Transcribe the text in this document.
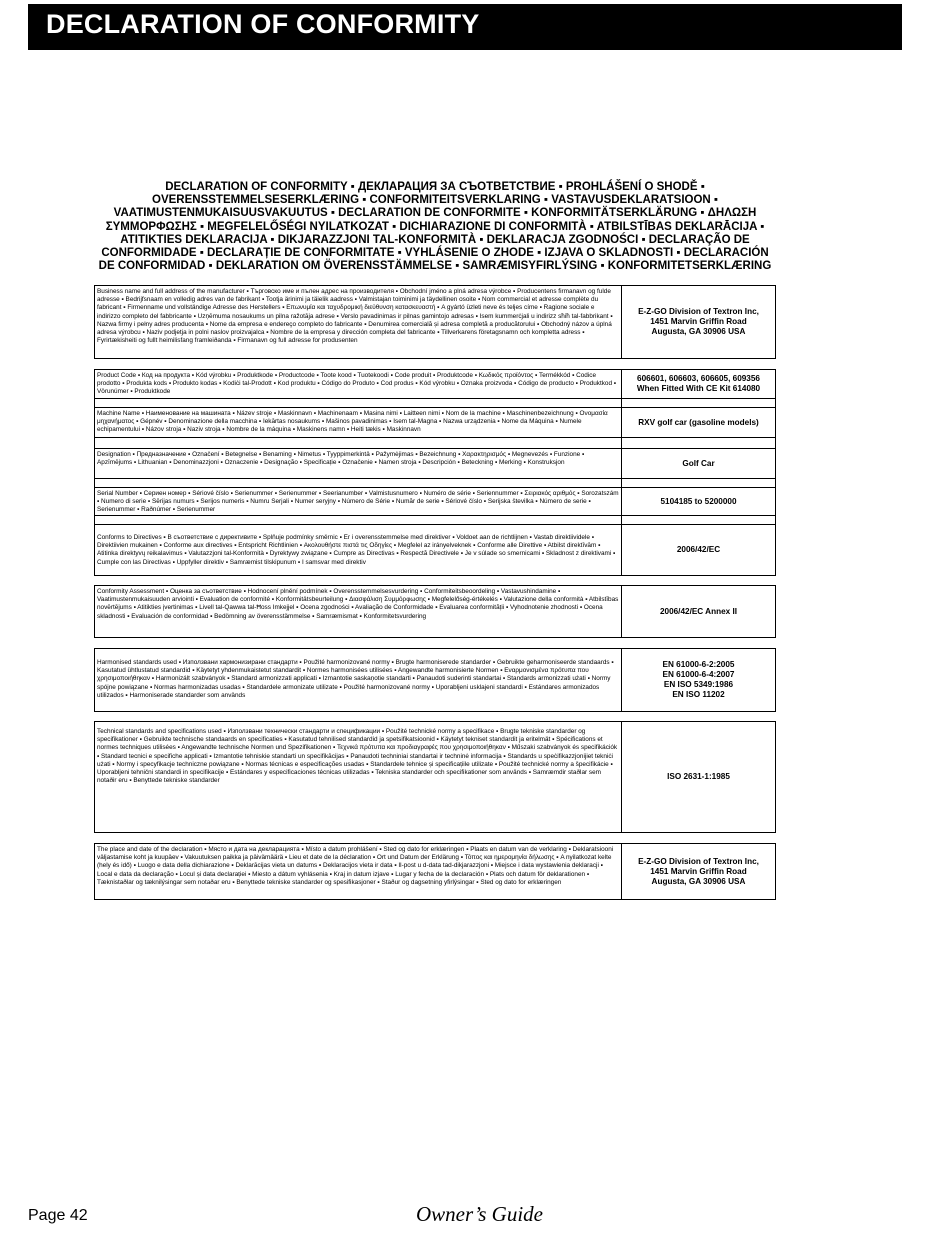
DECLARATION OF CONFORMITY
DECLARATION OF CONFORMITY ▪ ДЕКЛАРАЦИЯ ЗА СЪОТВЕТСТВИЕ ▪ PROHLÁŠENÍ O SHODĚ ▪ OVERENSSTEMMELSESERKLÆRING ▪ CONFORMITEITSVERKLARING ▪ VASTAVUSDEKLARATSIOON ▪ VAATIMUSTENMUKAISUUSVAKUUTUS ▪ DECLARATION DE CONFORMITE ▪ KONFORMITÄTSERKLÄRUNG ▪ ΔΗΛΩΣΗ ΣΥΜΜΟΡΦΩΣΗΣ ▪ MEGFELELŐSÉGI NYILATKOZAT ▪ DICHIARAZIONE DI CONFORMITÀ ▪ ATBILSTĪBAS DEKLARĀCIJA ▪ ATITIKTIES DEKLARACIJA ▪ DIKJARAZZJONI TAL-KONFORMITÀ ▪ DEKLARACJA ZGODNOŚCI ▪ DECLARAÇÃO DE CONFORMIDADE ▪ DECLARAȚIE DE CONFORMITATE ▪ VYHLÁSENIE O ZHODE ▪ IZJAVA O SKLADNOSTI ▪ DECLARACIÓN DE CONFORMIDAD ▪ DEKLARATION OM ÖVERENSSTÄMMELSE ▪ SAMRÆMISYFIRLÝSING ▪ KONFORMITETSERKLÆRING
Business name and full address of the manufacturer ▪ Търговско име и пълен адрес на производителя ▪ Obchodní jméno a plná adresa výrobce ▪ Producentens firmanavn og fulde adresse ▪ Bedrijfsnaam en volledig adres van de fabrikant ▪ Tootja ärinimi ja täielik aadress ▪ Valmistajan toiminimi ja täydellinen osoite ▪ Nom commercial et adresse complète du fabricant ▪ Firmenname und vollständige Adresse des Herstellers ▪ Επωνυμία και ταχυδρομική διεύθυνση κατασκευαστή ▪ A gyártó üzleti neve és teljes címe ▪ Ragione sociale e indirizzo completo del fabbricante ▪ Uzņēmuma nosaukums un pilna ražotāja adrese ▪ Verslo pavadinimas ir pilnas gamintojo adresas ▪ Isem kummerċjali u indirizz sħiħ tal-fabbrikant ▪ Nazwa firmy i pełny adres producenta ▪ Nome da empresa e endereço completo do fabricante ▪ Denumirea comercială și adresa completă a producătorului ▪ Obchodný názov a úplná adresa výrobcu ▪ Naziv podjetja in polni naslov proizvajalca ▪ Nombre de la empresa y dirección completa del fabricante ▪ Tillverkarens företagsnamn och kompletta adress ▪ Fyrirtækisheiti og fullt heimilisfang framleiðanda ▪ Firmanavn og full adresse for produsenten
E-Z-GO Division of Textron Inc,
1451 Marvin Griffin Road
Augusta, GA 30906 USA
Product Code ▪ Код на продукта ▪ Kód výrobku ▪ Produktkode ▪ Productcode ▪ Toote kood ▪ Tuotekoodi ▪ Code produit ▪ Produktcode ▪ Κωδικός προϊόντος ▪ Termékkód ▪ Codice prodotto ▪ Produkta kods ▪ Produkto kodas ▪ Kodiċi tal-Prodott ▪ Kod produktu ▪ Código do Produto ▪ Cod produs ▪ Kód výrobku ▪ Oznaka proizvoda ▪ Código de producto ▪ Produktkod ▪ Vörunúmer ▪ Produktkode
606601, 606603, 606605, 609356
When Fitted With CE Kit 614080
Machine Name ▪ Наименование на машината ▪ Název stroje ▪ Maskinnavn ▪ Machinenaam ▪ Masina nimi ▪ Laitteen nimi ▪ Nom de la machine ▪ Maschinenbezeichnung ▪ Ονομασία μηχανήματος ▪ Gépnév ▪ Denominazione della macchina ▪ Iekārtas nosaukums ▪ Mašinos pavadinimas ▪ Isem tal-Magna ▪ Nazwa urządzenia ▪ Nome da Máquina ▪ Numele echipamentului ▪ Názov stroja ▪ Naziv stroja ▪ Nombre de la máquina ▪ Maskinens namn ▪ Heiti tækis ▪ Maskinnavn
RXV golf car (gasoline models)
Designation ▪ Предназначение ▪ Označení ▪ Betegnelse ▪ Benaming ▪ Nimetus ▪ Tyyppimerkintä ▪ Pažymėjimas ▪ Bezeichnung ▪ Χαρακτηρισμός ▪ Megnevezés ▪ Funzione ▪ Apzīmējums ▪ Lithuanian ▪ Denominazzjoni ▪ Oznaczenie ▪ Designação ▪ Specificație ▪ Označenie ▪ Namen stroja ▪ Descripción ▪ Beteckning ▪ Merking ▪ Konstruksjon	Golf Car
Serial Number ▪ Сериен номер ▪ Sériové číslo ▪ Serienummer ▪ Serienummer ▪ Seerianumber ▪ Valmistusnumero ▪ Numéro de série ▪ Seriennummer ▪ Σειριακός αριθμός ▪ Sorozatszám ▪ Numero di serie ▪ Sērijas numurs ▪ Serijos numeris ▪ Numru Serjali ▪ Numer seryjny ▪ Número de Série ▪ Număr de serie ▪ Sériové číslo ▪ Serijska številka ▪ Número de serie ▪ Serienummer ▪ Raðnúmer ▪ Serienummer
5104185 to 5200000
Conforms to Directives ▪ В съответствие с директивите ▪ Splňuje podmínky směrnic ▪ Er i overensstemmelse med direktiver ▪ Voldoet aan de richtlijnen ▪ Vastab direktiividele ▪ Direktiivien mukainen ▪ Conforme aux directives ▪ Entspricht Richtlinien ▪ Ακολουθήστε πιστά τις Οδηγίες ▪ Megfelel az irányelveknek ▪ Conforme alle Direttive ▪ Atbilst direktīvām ▪ Atitinka direktyvų reikalavimus ▪ Valutazzjoni tal-Konformità ▪ Dyrektywy związane ▪ Cumpre as Directivas ▪ Respectă Directivele ▪ Je v súlade so smernicami ▪ Skladnost z direktivami ▪ Cumple con las Directivas ▪ Uppfyller direktiv ▪ Samræmist tilskipunum ▪ I samsvar med direktiv
2006/42/EC
Conformity Assessment ▪ Оценка за съответствие ▪ Hodnocení plnění podmínek ▪ Overensstemmelsesvurdering ▪ Conformiteitsbeoordeling ▪ Vastavushindamine ▪ Vaatimustenmukaisuuden arviointi ▪ Evaluation de conformité ▪ Konformitätsbeurteilung ▪ Διασφάλιση Συμμόρφωσης ▪ Megfelelőség-értékelés ▪ Valutazione della conformità ▪ Atbilstības novērtējums ▪ Atitikties įvertinimas ▪ Livell tal-Qawwa tal-Ħoss Imkejjel ▪ Ocena zgodności ▪ Avaliação de Conformidade ▪ Evaluarea conformității ▪ Vyhodnotenie zhodnosti ▪ Ocena skladnosti ▪ Evaluación de conformidad ▪ Bedömning av överensstämmelse ▪ Samræmismat ▪ Konformitetsvurdering
2006/42/EC Annex II
Harmonised standards used ▪ Използвани хармонизирани стандарти ▪ Použité harmonizované normy ▪ Brugte harmoniserede standarder ▪ Gebruikte geharmoniseerde standaards ▪ Kasutatud ühtlustatud standardid ▪ Käytetyt yhdenmukaistetut standardit ▪ Normes harmonisées utilisées ▪ Angewandte harmonisierte Normen ▪ Εναρμονισμένα πρότυπα που χρησιμοποιήθηκαν ▪ Harmonizált szabványok ▪ Standard armonizzati applicati ▪ Izmantotie saskaņotie standarti ▪ Panaudoti suderinti standartai ▪ Standards armonizzati użati ▪ Normy spójne powiązane ▪ Normas harmonizadas usadas ▪ Standardele armonizate utilizate ▪ Použité harmonizované normy ▪ Uporabljeni usklajeni standardi ▪ Estándares armonizados utilizados ▪ Harmoniserade standarder som används
EN 61000-6-2:2005
EN 61000-6-4:2007
EN ISO 5349:1986
EN ISO 11202
Technical standards and specifications used ▪ Използвани технически стандарти и спецификации ▪ Použité technické normy a specifikace ▪ Brugte tekniske standarder og specifikationer ▪ Gebruikte technische standaards en specificaties ▪ Kasutatud tehnilised standardid ja spetsifikatsioonid ▪ Käytetyt tekniset standardit ja eritelmät ▪ Spécifications et normes techniques utilisées ▪ Angewandte technische Normen und Spezifikationen ▪ Τεχνικά πρότυπα και προδιαγραφές που χρησιμοποιήθηκαν ▪ Műszaki szabványok és specifikációk ▪ Standard tecnici e specifiche applicati ▪ Izmantotie tehniskie standarti un specifikācijas ▪ Panaudoti techniniai standartai ir techninė informacija ▪ Standards u speċifikazzjonijiet tekniċi użati ▪ Normy i specyfikacje techniczne powiązane ▪ Normas técnicas e especificações usadas ▪ Standardele tehnice și specificațiile utilizate ▪ Použité technické normy a špecifikácie ▪ Uporabljeni tehnični standardi in specifikacije ▪ Estándares y especificaciones técnicas utilizadas ▪ Tekniska standarder och specifikationer som används ▪ Samræmdir staðlar sem notaðir eru ▪ Benyttede tekniske standarder	ISO 2631-1:1985
The place and date of the declaration ▪ Място и дата на декларацията ▪ Místo a datum prohlášení ▪ Sted og dato for erklæringen ▪ Plaats en datum van de verklaring ▪ Deklaratsiooni väljastamise koht ja kuupäev ▪ Vakuutuksen paikka ja päivämäärä ▪ Lieu et date de la déclaration ▪ Ort und Datum der Erklärung ▪ Τόπος και ημερομηνία δήλωσης ▪ A nyilatkozat kelte (hely és idő) ▪ Luogo e data della dichiarazione ▪ Deklarācijas vieta un datums ▪ Deklaracijos vieta ir data ▪ Il-post u d-data tad-dikjarazzjoni ▪ Miejsce i data wystawienia deklaracji ▪ Local e data da declaração ▪ Locul și data declarației ▪ Miesto a dátum vyhlásenia ▪ Kraj in datum izjave ▪ Lugar y fecha de la declaración ▪ Plats och datum för deklarationen ▪ Tæknistaðlar og tæknilýsingar sem notaðar eru ▪ Benyttede tekniske standarder og spesifikasjoner ▪ Staður og dagsetning yfirlýsingar ▪ Sted og dato for erklæringen
E-Z-GO Division of Textron Inc,
1451 Marvin Griffin Road
Augusta, GA 30906 USA
Page 42	Owner’s Guide
